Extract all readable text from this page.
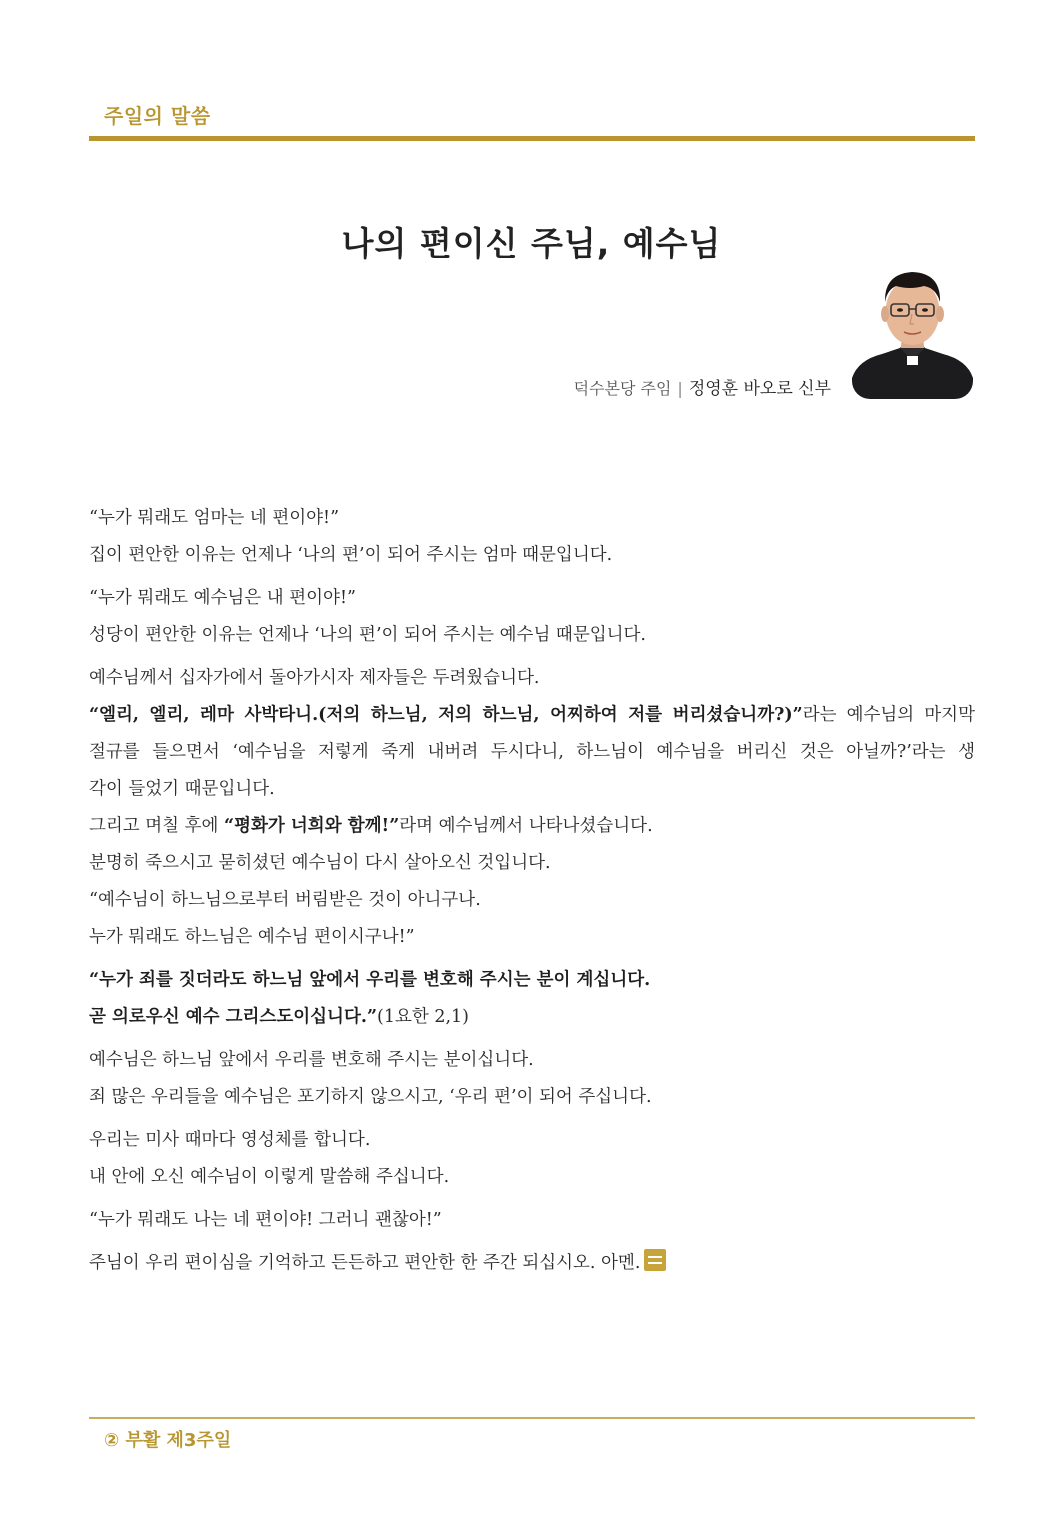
주일의 말씀
나의 편이신 주님, 예수님
덕수본당 주임 | 정영훈 바오로 신부

“누가 뭐래도 엄마는 네 편이야!”
집이 편안한 이유는 언제나 ‘나의 편’이 되어 주시는 엄마 때문입니다.

“누가 뭐래도 예수님은 내 편이야!”
성당이 편안한 이유는 언제나 ‘나의 편’이 되어 주시는 예수님 때문입니다.

예수님께서 십자가에서 돌아가시자 제자들은 두려웠습니다.
“엘리, 엘리, 레마 사박타니.(저의 하느님, 저의 하느님, 어찌하여 저를 버리셨습니까?)”라는 예수님의 마지막
절규를 들으면서 ‘예수님을 저렇게 죽게 내버려 두시다니, 하느님이 예수님을 버리신 것은 아닐까?’라는 생
각이 들었기 때문입니다.
그리고 며칠 후에 “평화가 너희와 함께!”라며 예수님께서 나타나셨습니다.
분명히 죽으시고 묻히셨던 예수님이 다시 살아오신 것입니다.
“예수님이 하느님으로부터 버림받은 것이 아니구나.
누가 뭐래도 하느님은 예수님 편이시구나!”

“누가 죄를 짓더라도 하느님 앞에서 우리를 변호해 주시는 분이 계십니다.
곧 의로우신 예수 그리스도이십니다.”(1요한 2,1)

예수님은 하느님 앞에서 우리를 변호해 주시는 분이십니다.
죄 많은 우리들을 예수님은 포기하지 않으시고, ‘우리 편’이 되어 주십니다.

우리는 미사 때마다 영성체를 합니다.
내 안에 오신 예수님이 이렇게 말씀해 주십니다.

“누가 뭐래도 나는 네 편이야! 그러니 괜찮아!”

주님이 우리 편이심을 기억하고 든든하고 편안한 한 주간 되십시오. 아멘.

② 부활 제3주일
